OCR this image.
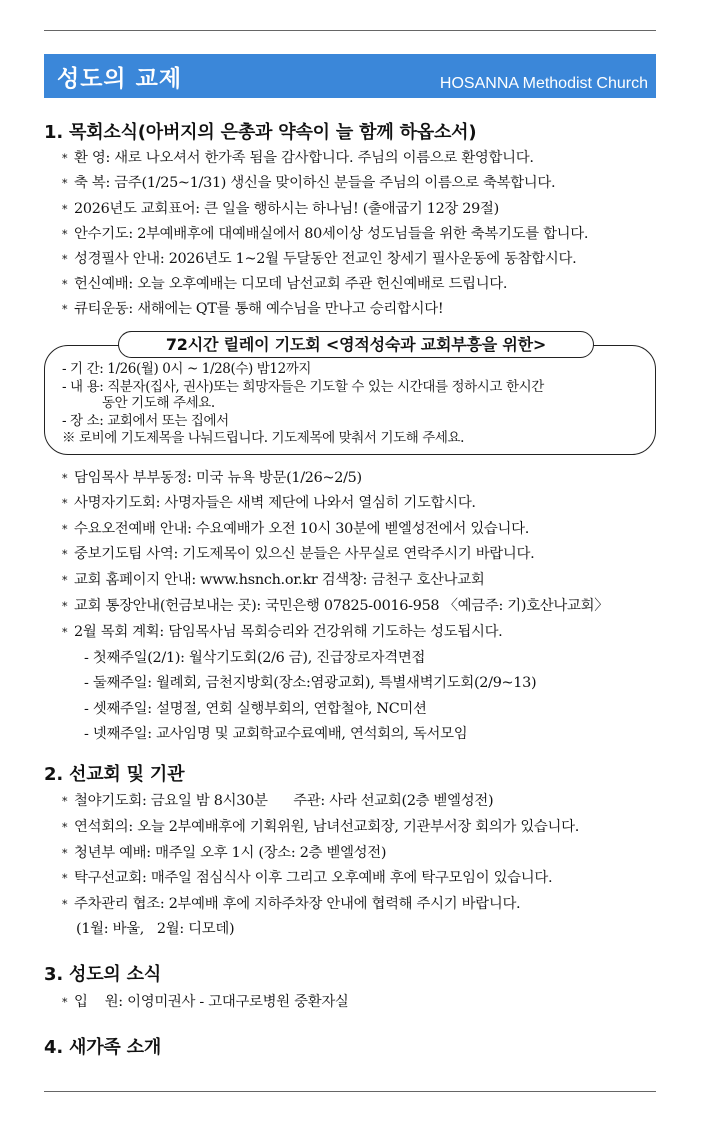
성도의 교제	HOSANNA Methodist Church
1. 목회소식(아버지의 은총과 약속이 늘 함께 하옵소서)
* 환 영: 새로 나오셔서 한가족 됨을 감사합니다. 주님의 이름으로 환영합니다.
* 축 복: 금주(1/25~1/31) 생신을 맞이하신 분들을 주님의 이름으로 축복합니다.
* 2026년도 교회표어: 큰 일을 행하시는 하나님! (출애굽기 12장 29절)
* 안수기도: 2부예배후에 대예배실에서 80세이상 성도님들을 위한 축복기도를 합니다.
* 성경필사 안내: 2026년도 1~2월 두달동안 전교인 창세기 필사운동에 동참합시다.
* 헌신예배: 오늘 오후예배는 디모데 남선교회 주관 헌신예배로 드립니다.
* 큐티운동: 새해에는 QT를 통해 예수님을 만나고 승리합시다!
72시간 릴레이 기도회 <영적성숙과 교회부흥을 위한>
- 기 간: 1/26(월) 0시 ~ 1/28(수) 밤12까지
- 내 용: 직분자(집사, 권사)또는 희망자들은 기도할 수 있는 시간대를 정하시고 한시간
동안 기도해 주세요.
- 장 소: 교회에서 또는 집에서
※ 로비에 기도제목을 나눠드립니다. 기도제목에 맞춰서 기도해 주세요.
* 담임목사 부부동정: 미국 뉴욕 방문(1/26~2/5)
* 사명자기도회: 사명자들은 새벽 제단에 나와서 열심히 기도합시다.
* 수요오전예배 안내: 수요예배가 오전 10시 30분에 벧엘성전에서 있습니다.
* 중보기도팀 사역: 기도제목이 있으신 분들은 사무실로 연락주시기 바랍니다.
* 교회 홈페이지 안내: www.hsnch.or.kr 검색창: 금천구 호산나교회
* 교회 통장안내(헌금보내는 곳): 국민은행 07825-0016-958 〈예금주: 기)호산나교회〉
* 2월 목회 계획: 담임목사님 목회승리와 건강위해 기도하는 성도됩시다.
- 첫째주일(2/1): 월삭기도회(2/6 금), 진급장로자격면접
- 둘째주일: 월례회, 금천지방회(장소:염광교회), 특별새벽기도회(2/9~13)
- 셋째주일: 설명절, 연회 실행부회의, 연합철야, NC미션
- 넷째주일: 교사임명 및 교회학교수료예배, 연석회의, 독서모임
2. 선교회 및 기관
* 철야기도회: 금요일 밤 8시30분      주관: 사라 선교회(2층 벧엘성전)
* 연석회의: 오늘 2부예배후에 기획위원, 남녀선교회장, 기관부서장 회의가 있습니다.
* 청년부 예배: 매주일 오후 1시 (장소: 2층 벧엘성전)
* 탁구선교회: 매주일 점심식사 이후 그리고 오후예배 후에 탁구모임이 있습니다.
* 주차관리 협조: 2부예배 후에 지하주차장 안내에 협력해 주시기 바랍니다.
(1월: 바울,   2월: 디모데)
3. 성도의 소식
* 입    원: 이영미권사 - 고대구로병원 중환자실
4. 새가족 소개
